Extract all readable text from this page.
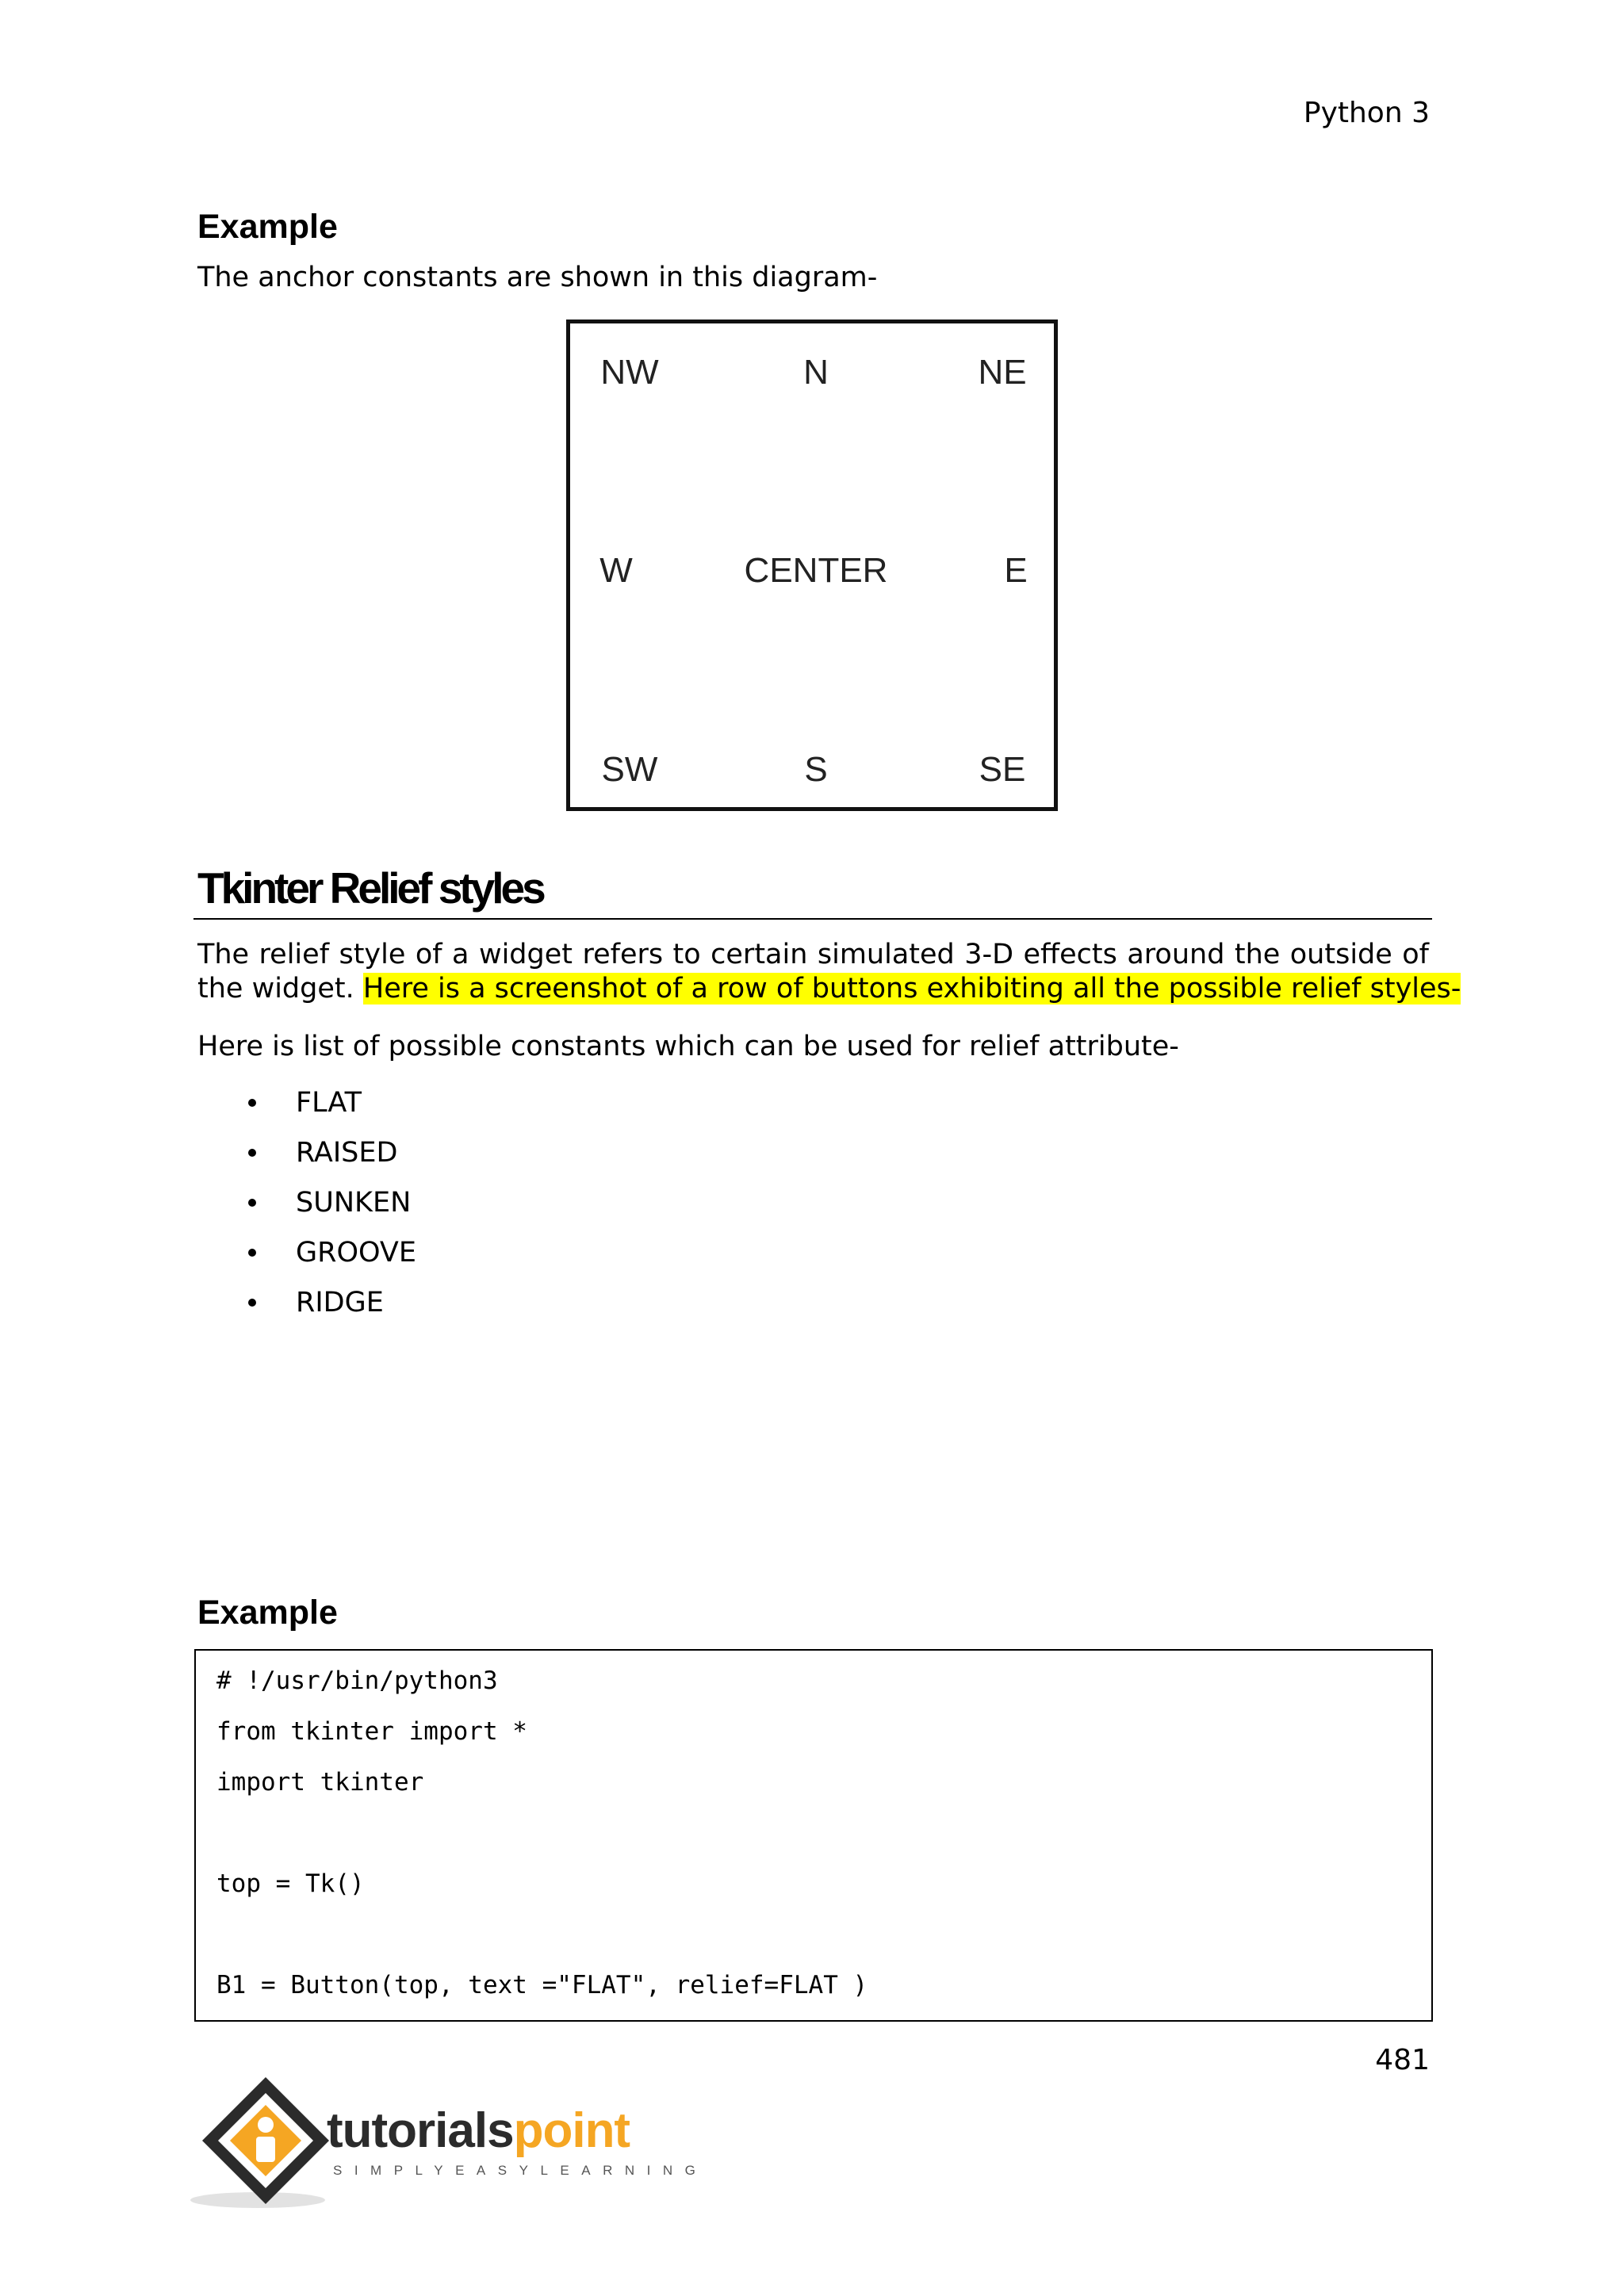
Python 3
Example
The anchor constants are shown in this diagram-
NW	N	NE
W	CENTER	E
SW	S	SE
Tkinter Relief styles
The relief style of a widget refers to certain simulated 3-D effects around the outside of
the widget. Here is a screenshot of a row of buttons exhibiting all the possible relief styles-
Here is list of possible constants which can be used for relief attribute-
FLAT
RAISED
SUNKEN
GROOVE
RIDGE
Example
# !/usr/bin/python3
from tkinter import *
import tkinter
top = Tk()
B1 = Button(top, text ="FLAT", relief=FLAT )
481
tutorialspoint
SIMPLYEASYLEARNING
